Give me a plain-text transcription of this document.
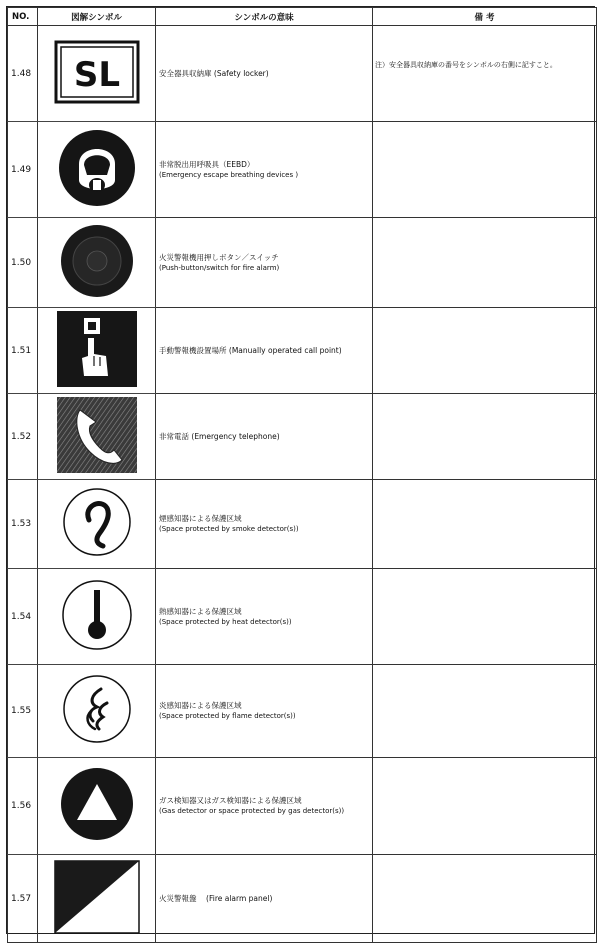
NO.	図解シンボル	シンボルの意味	備 考
1.48	SL	安全器具収納庫 (Safety locker)	注）安全器具収納庫の番号をシンボルの右側に記すこと。

1.49		非常脱出用呼吸具（EEBD）
(Emergency escape breathing devices )	

1.50		火災警報機用押しボタン／スイッチ
(Push-button/switch for fire alarm)	

1.51		手動警報機設置場所 (Manually operated call point)	

1.52		非常電話 (Emergency telephone)	

1.53		煙感知器による保護区域
(Space protected by smoke detector(s))	

1.54		熱感知器による保護区域
(Space protected by heat detector(s))	

1.55		炎感知器による保護区域
(Space protected by flame detector(s))	

1.56		ガス検知器又はガス検知器による保護区域
(Gas detector or space protected by gas detector(s))	

1.57		火災警報盤 (Fire alarm panel)	
